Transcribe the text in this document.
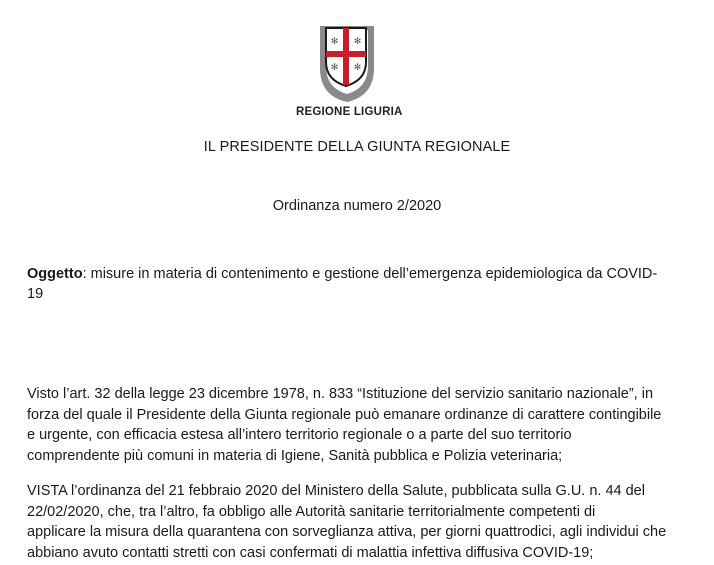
✻ ✻
✻ ✻
REGIONE LIGURIA
IL PRESIDENTE DELLA GIUNTA REGIONALE
Ordinanza numero 2/2020
Oggetto: misure in materia di contenimento e gestione dell’emergenza epidemiologica da COVID-
19
Visto l’art. 32 della legge 23 dicembre 1978, n. 833 “Istituzione del servizio sanitario nazionale”, in
forza del quale il Presidente della Giunta regionale può emanare ordinanze di carattere contingibile
e urgente, con efficacia estesa all’intero territorio regionale o a parte del suo territorio
comprendente più comuni in materia di Igiene, Sanità pubblica e Polizia veterinaria;
VISTA l’ordinanza del 21 febbraio 2020 del Ministero della Salute, pubblicata sulla G.U. n. 44 del
22/02/2020, che, tra l’altro, fa obbligo alle Autorità sanitarie territorialmente competenti di
applicare la misura della quarantena con sorveglianza attiva, per giorni quattrodici, agli individui che
abbiano avuto contatti stretti con casi confermati di malattia infettiva diffusiva COVID-19;
